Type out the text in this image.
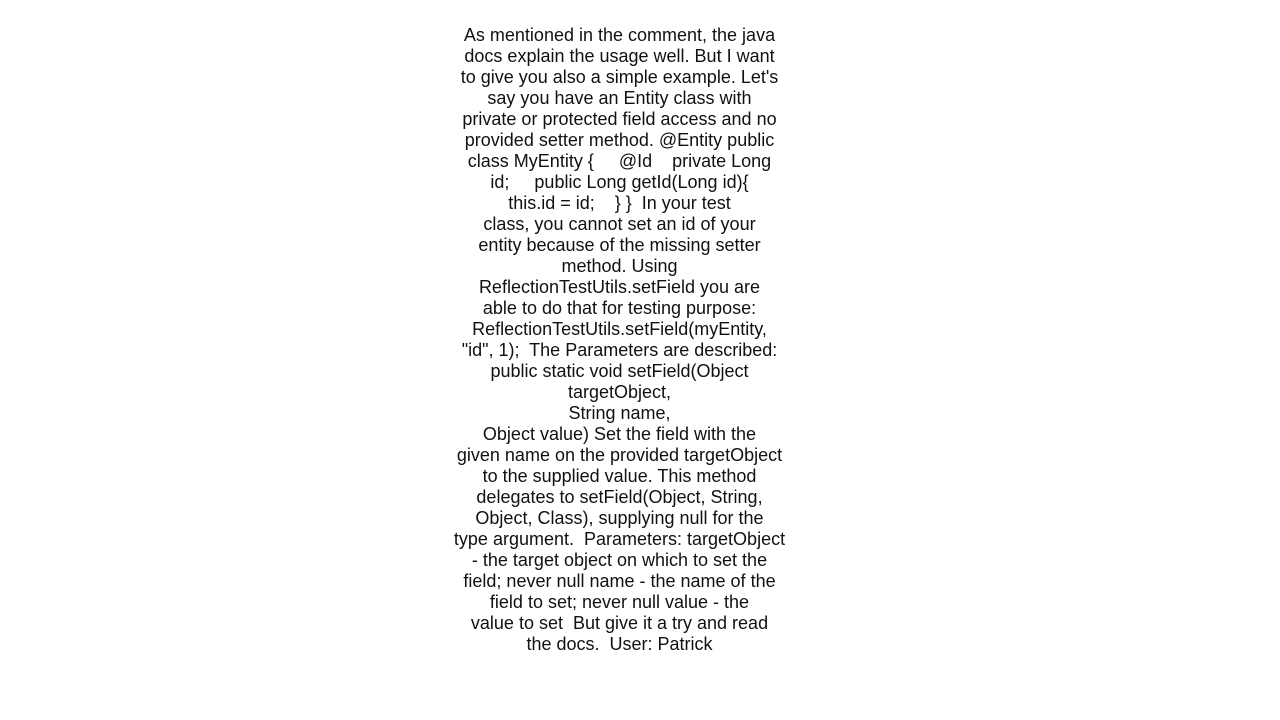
As mentioned in the comment, the java
docs explain the usage well. But I want
to give you also a simple example. Let's
say you have an Entity class with
private or protected field access and no
provided setter method. @Entity public
class MyEntity {     @Id    private Long
id;     public Long getId(Long id){
this.id = id;    } }  In your test
class, you cannot set an id of your
entity because of the missing setter
method. Using
ReflectionTestUtils.setField you are
able to do that for testing purpose:
ReflectionTestUtils.setField(myEntity,
"id", 1);  The Parameters are described:
public static void setField(Object
targetObject,
String name,
Object value) Set the field with the
given name on the provided targetObject
to the supplied value. This method
delegates to setField(Object, String,
Object, Class), supplying null for the
type argument.  Parameters: targetObject
- the target object on which to set the
field; never null name - the name of the
field to set; never null value - the
value to set  But give it a try and read
the docs.  User: Patrick
